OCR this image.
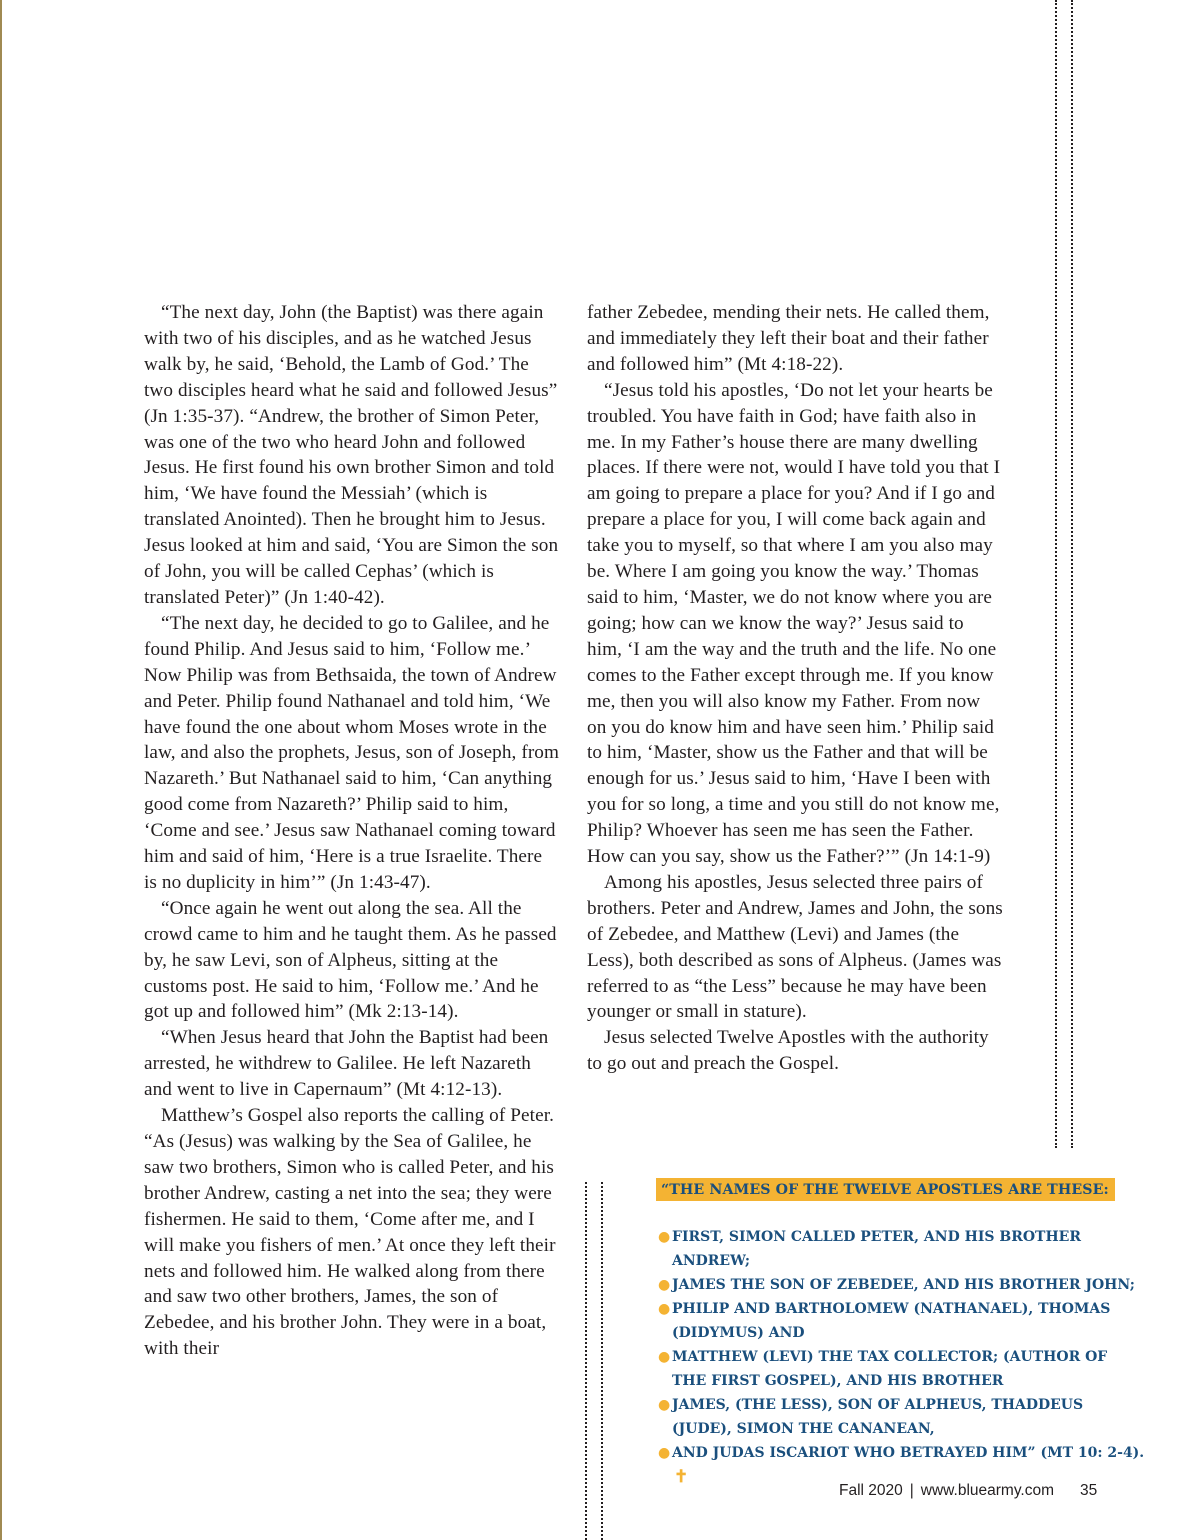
“The next day, John (the Baptist) was there again with two of his disciples, and as he watched Jesus walk by, he said, ‘Behold, the Lamb of God.’ The two disciples heard what he said and followed Jesus” (Jn 1:35-37). “Andrew, the brother of Simon Peter, was one of the two who heard John and followed Jesus. He first found his own brother Simon and told him, ‘We have found the Messiah’ (which is translated Anointed). Then he brought him to Jesus. Jesus looked at him and said, ‘You are Simon the son of John, you will be called Cephas’ (which is translated Peter)” (Jn 1:40-42).

“The next day, he decided to go to Galilee, and he found Philip. And Jesus said to him, ‘Follow me.’ Now Philip was from Bethsaida, the town of Andrew and Peter. Philip found Nathanael and told him, ‘We have found the one about whom Moses wrote in the law, and also the prophets, Jesus, son of Joseph, from Nazareth.’ But Nathanael said to him, ‘Can anything good come from Nazareth?’ Philip said to him, ‘Come and see.’ Jesus saw Nathanael coming toward him and said of him, ‘Here is a true Israelite. There is no duplicity in him’” (Jn 1:43-47).

“Once again he went out along the sea. All the crowd came to him and he taught them. As he passed by, he saw Levi, son of Alpheus, sitting at the customs post. He said to him, ‘Follow me.’ And he got up and followed him” (Mk 2:13-14).

“When Jesus heard that John the Baptist had been arrested, he withdrew to Galilee. He left Nazareth and went to live in Capernaum” (Mt 4:12-13).

Matthew’s Gospel also reports the calling of Peter. “As (Jesus) was walking by the Sea of Galilee, he saw two brothers, Simon who is called Peter, and his brother Andrew, casting a net into the sea; they were fishermen. He said to them, ‘Come after me, and I will make you fishers of men.’ At once they left their nets and followed him. He walked along from there and saw two other brothers, James, the son of Zebedee, and his brother John. They were in a boat, with their

father Zebedee, mending their nets. He called them, and immediately they left their boat and their father and followed him” (Mt 4:18-22).

“Jesus told his apostles, ‘Do not let your hearts be troubled. You have faith in God; have faith also in me. In my Father’s house there are many dwelling places. If there were not, would I have told you that I am going to prepare a place for you? And if I go and prepare a place for you, I will come back again and take you to myself, so that where I am you also may be. Where I am going you know the way.’ Thomas said to him, ‘Master, we do not know where you are going; how can we know the way?’ Jesus said to him, ‘I am the way and the truth and the life. No one comes to the Father except through me. If you know me, then you will also know my Father. From now on you do know him and have seen him.’ Philip said to him, ‘Master, show us the Father and that will be enough for us.’ Jesus said to him, ‘Have I been with you for so long, a time and you still do not know me, Philip? Whoever has seen me has seen the Father. How can you say, show us the Father?’” (Jn 14:1-9)

Among his apostles, Jesus selected three pairs of brothers. Peter and Andrew, James and John, the sons of Zebedee, and Matthew (Levi) and James (the Less), both described as sons of Alpheus. (James was referred to as “the Less” because he may have been younger or small in stature).

Jesus selected Twelve Apostles with the authority to go out and preach the Gospel.

“THE NAMES OF THE TWELVE APOSTLES ARE THESE:
● FIRST, SIMON CALLED PETER, AND HIS BROTHER ANDREW;
● JAMES THE SON OF ZEBEDEE, AND HIS BROTHER JOHN;
● PHILIP AND BARTHOLOMEW (NATHANAEL), THOMAS (DIDYMUS) AND
● MATTHEW (LEVI) THE TAX COLLECTOR; (AUTHOR OF THE FIRST GOSPEL), AND HIS BROTHER
● JAMES, (THE LESS), SON OF ALPHEUS, THADDEUS (JUDE), SIMON THE CANANEAN,
● AND JUDAS ISCARIOT WHO BETRAYED HIM” (MT 10: 2-4). ✝
Fall 2020 | www.bluearmy.com 35
